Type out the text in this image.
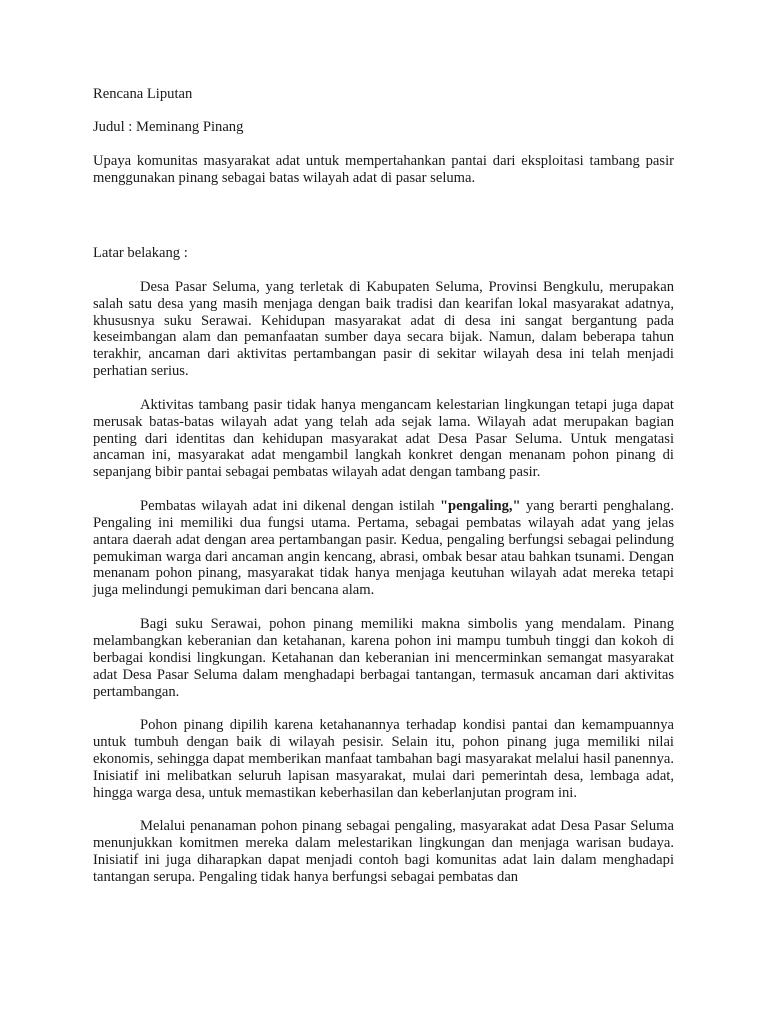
Rencana Liputan

Judul : Meminang Pinang

Upaya komunitas masyarakat adat untuk mempertahankan pantai dari eksploitasi tambang pasir menggunakan pinang sebagai batas wilayah adat di pasar seluma.

Latar belakang :

Desa Pasar Seluma, yang terletak di Kabupaten Seluma, Provinsi Bengkulu, merupakan salah satu desa yang masih menjaga dengan baik tradisi dan kearifan lokal masyarakat adatnya, khususnya suku Serawai. Kehidupan masyarakat adat di desa ini sangat bergantung pada keseimbangan alam dan pemanfaatan sumber daya secara bijak. Namun, dalam beberapa tahun terakhir, ancaman dari aktivitas pertambangan pasir di sekitar wilayah desa ini telah menjadi perhatian serius.

Aktivitas tambang pasir tidak hanya mengancam kelestarian lingkungan tetapi juga dapat merusak batas-batas wilayah adat yang telah ada sejak lama. Wilayah adat merupakan bagian penting dari identitas dan kehidupan masyarakat adat Desa Pasar Seluma. Untuk mengatasi ancaman ini, masyarakat adat mengambil langkah konkret dengan menanam pohon pinang di sepanjang bibir pantai sebagai pembatas wilayah adat dengan tambang pasir.

Pembatas wilayah adat ini dikenal dengan istilah "pengaling," yang berarti penghalang. Pengaling ini memiliki dua fungsi utama. Pertama, sebagai pembatas wilayah adat yang jelas antara daerah adat dengan area pertambangan pasir. Kedua, pengaling berfungsi sebagai pelindung pemukiman warga dari ancaman angin kencang, abrasi, ombak besar atau bahkan tsunami. Dengan menanam pohon pinang, masyarakat tidak hanya menjaga keutuhan wilayah adat mereka tetapi juga melindungi pemukiman dari bencana alam.

Bagi suku Serawai, pohon pinang memiliki makna simbolis yang mendalam. Pinang melambangkan keberanian dan ketahanan, karena pohon ini mampu tumbuh tinggi dan kokoh di berbagai kondisi lingkungan. Ketahanan dan keberanian ini mencerminkan semangat masyarakat adat Desa Pasar Seluma dalam menghadapi berbagai tantangan, termasuk ancaman dari aktivitas pertambangan.

Pohon pinang dipilih karena ketahanannya terhadap kondisi pantai dan kemampuannya untuk tumbuh dengan baik di wilayah pesisir. Selain itu, pohon pinang juga memiliki nilai ekonomis, sehingga dapat memberikan manfaat tambahan bagi masyarakat melalui hasil panennya. Inisiatif ini melibatkan seluruh lapisan masyarakat, mulai dari pemerintah desa, lembaga adat, hingga warga desa, untuk memastikan keberhasilan dan keberlanjutan program ini.

Melalui penanaman pohon pinang sebagai pengaling, masyarakat adat Desa Pasar Seluma menunjukkan komitmen mereka dalam melestarikan lingkungan dan menjaga warisan budaya. Inisiatif ini juga diharapkan dapat menjadi contoh bagi komunitas adat lain dalam menghadapi tantangan serupa. Pengaling tidak hanya berfungsi sebagai pembatas dan
